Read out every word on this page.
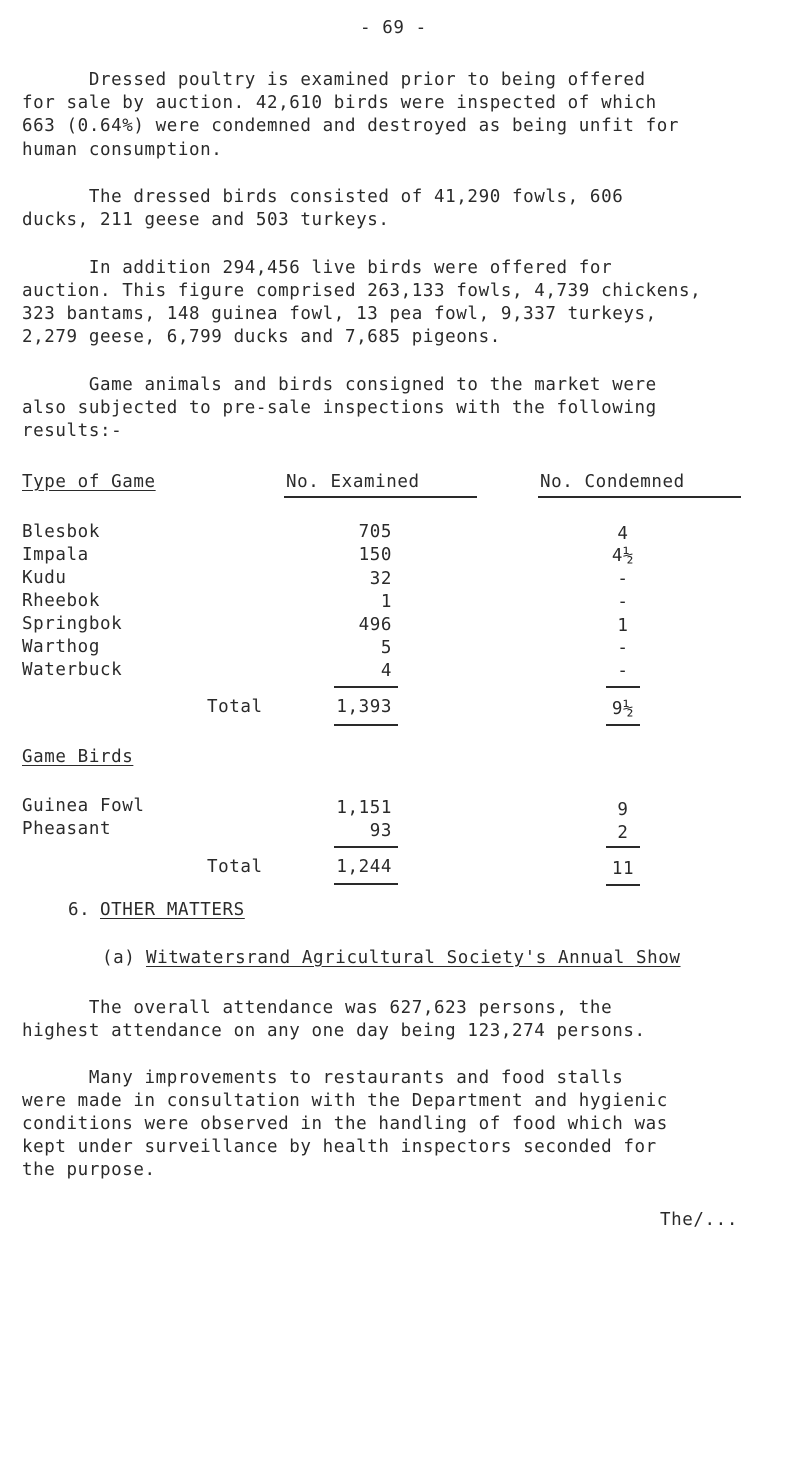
- 69 -
Dressed poultry is examined prior to being offered
for sale by auction. 42,610 birds were inspected of which
663 (0.64%) were condemned and destroyed as being unfit for
human consumption.
The dressed birds consisted of 41,290 fowls, 606
ducks, 211 geese and 503 turkeys.
In addition 294,456 live birds were offered for
auction. This figure comprised 263,133 fowls, 4,739 chickens,
323 bantams, 148 guinea fowl, 13 pea fowl, 9,337 turkeys,
2,279 geese, 6,799 ducks and 7,685 pigeons.
Game animals and birds consigned to the market were
also subjected to pre-sale inspections with the following
results:-
Type of Game	No. Examined	No. Condemned
Blesbok	705	4
Impala	150	4½
Kudu	32	-
Rheebok	1	-
Springbok	496	1
Warthog	5	-
Waterbuck	4	-
Total	1,393	9½
Game Birds
Guinea Fowl	1,151	9
Pheasant	93	2
Total	1,244	11
6. OTHER MATTERS
(a) Witwatersrand Agricultural Society's Annual Show
The overall attendance was 627,623 persons, the
highest attendance on any one day being 123,274 persons.
Many improvements to restaurants and food stalls
were made in consultation with the Department and hygienic
conditions were observed in the handling of food which was
kept under surveillance by health inspectors seconded for
the purpose.
The/...
